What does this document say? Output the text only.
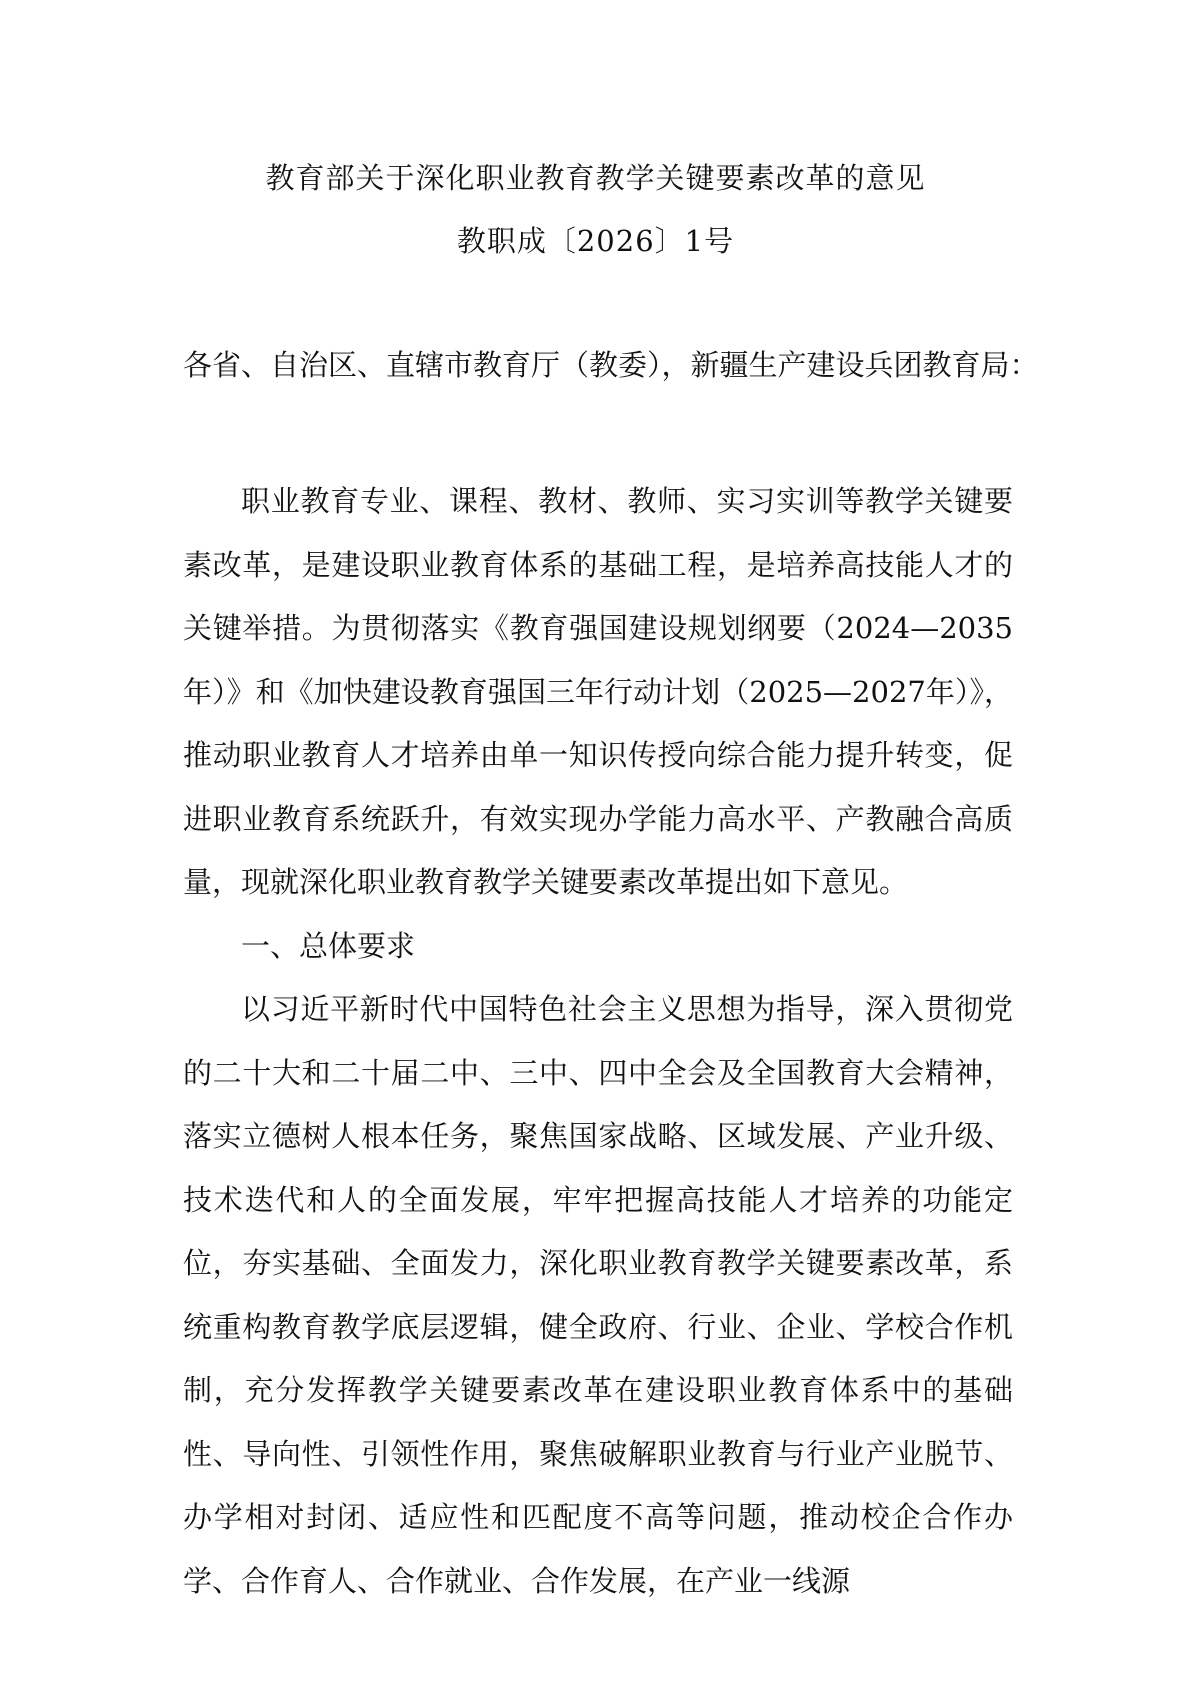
教育部关于深化职业教育教学关键要素改革的意见
教职成〔2026〕1号
各省、自治区、直辖市教育厅（教委），新疆生产建设兵团教育局：

职业教育专业、课程、教材、教师、实习实训等教学关键要素改革，是建设职业教育体系的基础工程，是培养高技能人才的关键举措。为贯彻落实《教育强国建设规划纲要（2024—2035年）》和《加快建设教育强国三年行动计划（2025—2027年）》，推动职业教育人才培养由单一知识传授向综合能力提升转变，促进职业教育系统跃升，有效实现办学能力高水平、产教融合高质量，现就深化职业教育教学关键要素改革提出如下意见。

一、总体要求

以习近平新时代中国特色社会主义思想为指导，深入贯彻党的二十大和二十届二中、三中、四中全会及全国教育大会精神，落实立德树人根本任务，聚焦国家战略、区域发展、产业升级、技术迭代和人的全面发展，牢牢把握高技能人才培养的功能定位，夯实基础、全面发力，深化职业教育教学关键要素改革，系统重构教育教学底层逻辑，健全政府、行业、企业、学校合作机制，充分发挥教学关键要素改革在建设职业教育体系中的基础性、导向性、引领性作用，聚焦破解职业教育与行业产业脱节、办学相对封闭、适应性和匹配度不高等问题，推动校企合作办学、合作育人、合作就业、合作发展，在产业一线源
